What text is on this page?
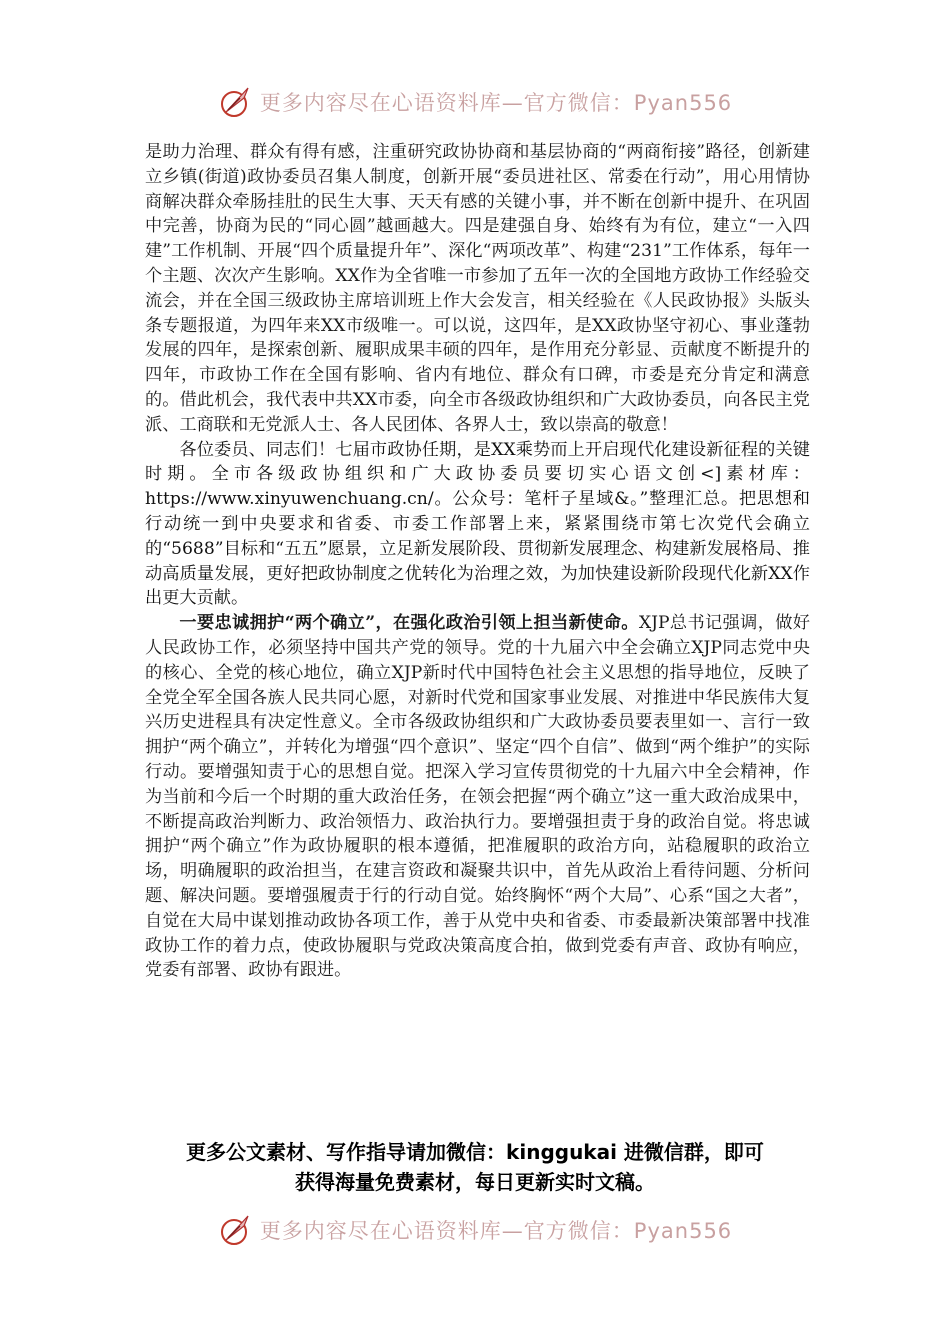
更多内容尽在心语资料库—官方微信：Pyan556

是助力治理、群众有得有感，注重研究政协协商和基层协商的“两商衔接”路径，创新建立乡镇(街道)政协委员召集人制度，创新开展“委员进社区、常委在行动”，用心用情协商解决群众牵肠挂肚的民生大事、天天有感的关键小事，并不断在创新中提升、在巩固中完善，协商为民的“同心圆”越画越大。四是建强自身、始终有为有位，建立“一入四建”工作机制、开展“四个质量提升年”、深化“两项改革”、构建“231”工作体系，每年一个主题、次次产生影响。XX作为全省唯一市参加了五年一次的全国地方政协工作经验交流会，并在全国三级政协主席培训班上作大会发言，相关经验在《人民政协报》头版头条专题报道，为四年来XX市级唯一。可以说，这四年，是XX政协坚守初心、事业蓬勃发展的四年，是探索创新、履职成果丰硕的四年，是作用充分彰显、贡献度不断提升的四年，市政协工作在全国有影响、省内有地位、群众有口碑，市委是充分肯定和满意的。借此机会，我代表中共XX市委，向全市各级政协组织和广大政协委员，向各民主党派、工商联和无党派人士、各人民团体、各界人士，致以崇高的敬意！

各位委员、同志们！七届市政协任期，是XX乘势而上开启现代化建设新征程的关键时期。全市各级政协组织和广大政协委员要切实心语文创<]素材库：https://www.xinyuwenchuang.cn/。公众号：笔杆子星域&。”整理汇总。把思想和行动统一到中央要求和省委、市委工作部署上来，紧紧围绕市第七次党代会确立的“5688”目标和“五五”愿景，立足新发展阶段、贯彻新发展理念、构建新发展格局、推动高质量发展，更好把政协制度之优转化为治理之效，为加快建设新阶段现代化新XX作出更大贡献。

一要忠诚拥护“两个确立”，在强化政治引领上担当新使命。XJP总书记强调，做好人民政协工作，必须坚持中国共产党的领导。党的十九届六中全会确立XJP同志党中央的核心、全党的核心地位，确立XJP新时代中国特色社会主义思想的指导地位，反映了全党全军全国各族人民共同心愿，对新时代党和国家事业发展、对推进中华民族伟大复兴历史进程具有决定性意义。全市各级政协组织和广大政协委员要表里如一、言行一致拥护“两个确立”，并转化为增强“四个意识”、坚定“四个自信”、做到“两个维护”的实际行动。要增强知责于心的思想自觉。把深入学习宣传贯彻党的十九届六中全会精神，作为当前和今后一个时期的重大政治任务，在领会把握“两个确立”这一重大政治成果中，不断提高政治判断力、政治领悟力、政治执行力。要增强担责于身的政治自觉。将忠诚拥护“两个确立”作为政协履职的根本遵循，把准履职的政治方向，站稳履职的政治立场，明确履职的政治担当，在建言资政和凝聚共识中，首先从政治上看待问题、分析问题、解决问题。要增强履责于行的行动自觉。始终胸怀“两个大局”、心系“国之大者”，自觉在大局中谋划推动政协各项工作，善于从党中央和省委、市委最新决策部署中找准政协工作的着力点，使政协履职与党政决策高度合拍，做到党委有声音、政协有响应，党委有部署、政协有跟进。

更多公文素材、写作指导请加微信：kinggukai 进微信群，即可
获得海量免费素材，每日更新实时文稿。
更多内容尽在心语资料库—官方微信：Pyan556
